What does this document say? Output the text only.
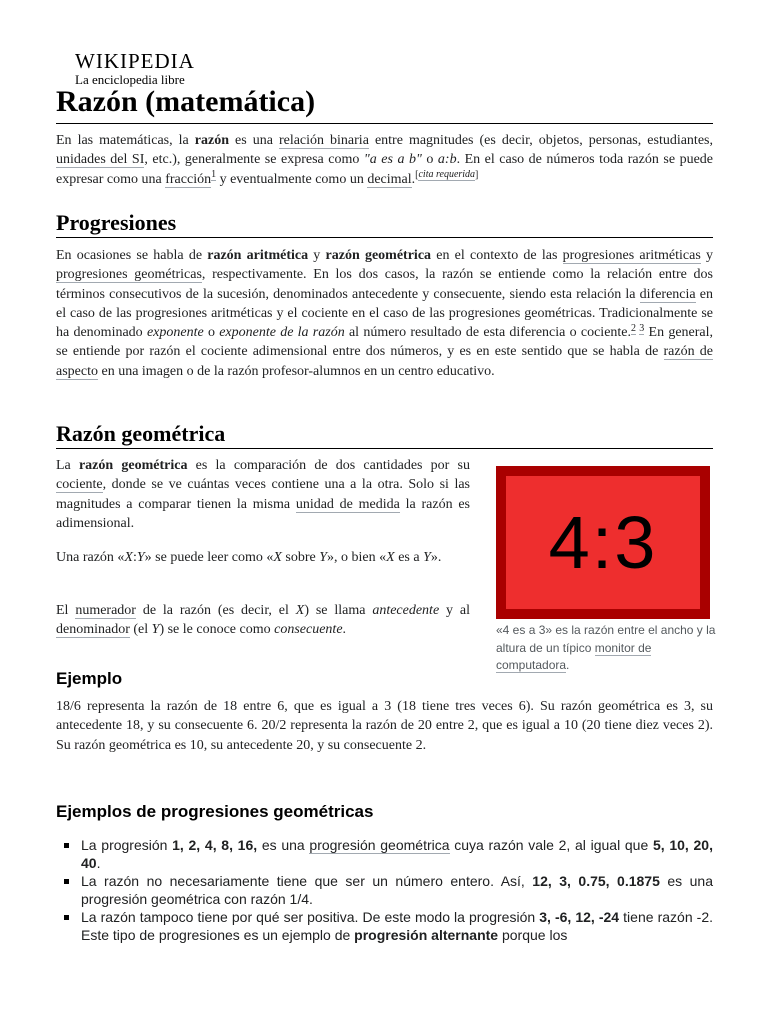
WIKIPEDIA
La enciclopedia libre
Razón (matemática)

En las matemáticas, la razón es una relación binaria entre magnitudes (es decir, objetos, personas, estudiantes, unidades del SI, etc.), generalmente se expresa como "a es a b" o a:b. En el caso de números toda razón se puede expresar como una fracción$^1$ y eventualmente como un decimal.[cita requerida]

Progresiones

En ocasiones se habla de razón aritmética y razón geométrica en el contexto de las progresiones aritméticas y progresiones geométricas, respectivamente. En los dos casos, la razón se entiende como la relación entre dos términos consecutivos de la sucesión, denominados antecedente y consecuente, siendo esta relación la diferencia en el caso de las progresiones aritméticas y el cociente en el caso de las progresiones geométricas. Tradicionalmente se ha denominado exponente o exponente de la razón al número resultado de esta diferencia o cociente.$^{2 3}$ En general, se entiende por razón el cociente adimensional entre dos números, y es en este sentido que se habla de razón de aspecto en una imagen o de la razón profesor-alumnos en un centro educativo.

Razón geométrica

La razón geométrica es la comparación de dos cantidades por su cociente, donde se ve cuántas veces contiene una a la otra. Solo si las magnitudes a comparar tienen la misma unidad de medida la razón es adimensional.

Una razón «X:Y» se puede leer como «X sobre Y», o bien «X es a Y».

El numerador de la razón (es decir, el X) se llama antecedente y al denominador (el Y) se le conoce como consecuente.

4:3
«4 es a 3» es la razón entre el ancho y la altura de un típico monitor de computadora.
Ejemplo

18/6 representa la razón de 18 entre 6, que es igual a 3 (18 tiene tres veces 6). Su razón geométrica es 3, su antecedente 18, y su consecuente 6. 20/2 representa la razón de 20 entre 2, que es igual a 10 (20 tiene diez veces 2). Su razón geométrica es 10, su antecedente 20, y su consecuente 2.

Ejemplos de progresiones geométricas
La progresión 1, 2, 4, 8, 16, es una progresión geométrica cuya razón vale 2, al igual que 5, 10, 20, 40.
La razón no necesariamente tiene que ser un número entero. Así, 12, 3, 0.75, 0.1875 es una progresión geométrica con razón 1/4.
La razón tampoco tiene por qué ser positiva. De este modo la progresión 3, -6, 12, -24 tiene razón -2. Este tipo de progresiones es un ejemplo de progresión alternante porque los
